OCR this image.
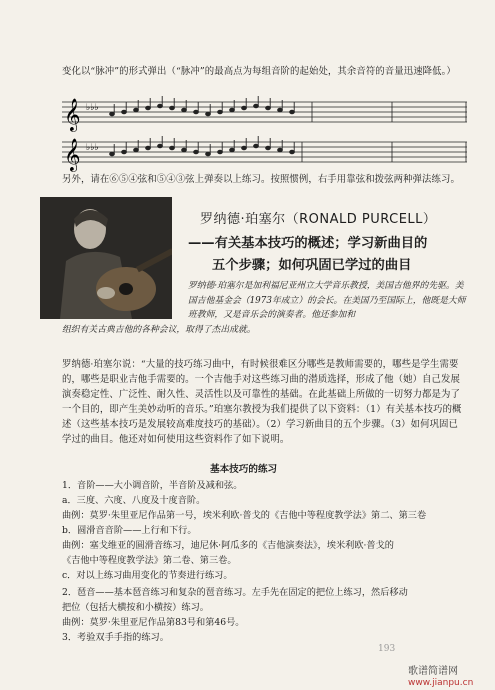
变化以“脉冲”的形式弹出（“脉冲”的最高点为每组音阶的起始处，其余音符的音量迅速降低。）
𝄞 ♭♭♭
𝄞 ♭♭♭
另外，请在⑥⑤④弦和⑤④③弦上弹奏以上练习。按照惯例，右手用靠弦和拨弦两种弹法练习。
罗纳德·珀塞尔（RONALD PURCELL）
——有关基本技巧的概述；学习新曲目的
五个步骤；如何巩固已学过的曲目
罗纳德·珀塞尔是加利福尼亚州立大学音乐教授，美国吉他界的先驱。美国吉他基金会（1973年成立）的会长。在美国乃至国际上，他既是大师班教师，又是音乐会的演奏者。他还参加和
组织有关古典吉他的各种会议，取得了杰出成就。
罗纳德·珀塞尔说：“大量的技巧练习曲中，有时候很难区分哪些是教师需要的，哪些是学生需要的，哪些是职业吉他手需要的。一个吉他手对这些练习曲的潜质选择，形成了他（她）自己发展演奏稳定性、广泛性、耐久性、灵活性以及可靠性的基础。在此基础上所做的一切努力都是为了一个目的，即产生美妙动听的音乐。”珀塞尔教授为我们提供了以下资料：（1）有关基本技巧的概述（这些基本技巧是发展较高难度技巧的基础）。（2）学习新曲目的五个步骤。（3）如何巩固已学过的曲目。他还对如何使用这些资料作了如下说明。
基本技巧的练习
1．音阶——大小调音阶，半音阶及减和弦。
a．三度、六度、八度及十度音阶。
曲例：莫罗·朱里亚尼作品第一号，埃米利欧·普戈的《吉他中等程度教学法》第二、第三卷
b．圆滑音音阶——上行和下行。
曲例：塞戈维亚的圆滑音练习，迪尼休·阿瓜多的《吉他演奏法》，埃米利欧·普戈的
《吉他中等程度教学法》第二卷、第三卷。
c．对以上练习曲用变化的节奏进行练习。
2．琶音——基本琶音练习和复杂的琶音练习。左手先在固定的把位上练习，然后移动
把位（包括大横按和小横按）练习。
曲例：莫罗·朱里亚尼作品第83号和第46号。
3．考验双手手指的练习。
193
歌谱简谱网 www.jianpu.cn
